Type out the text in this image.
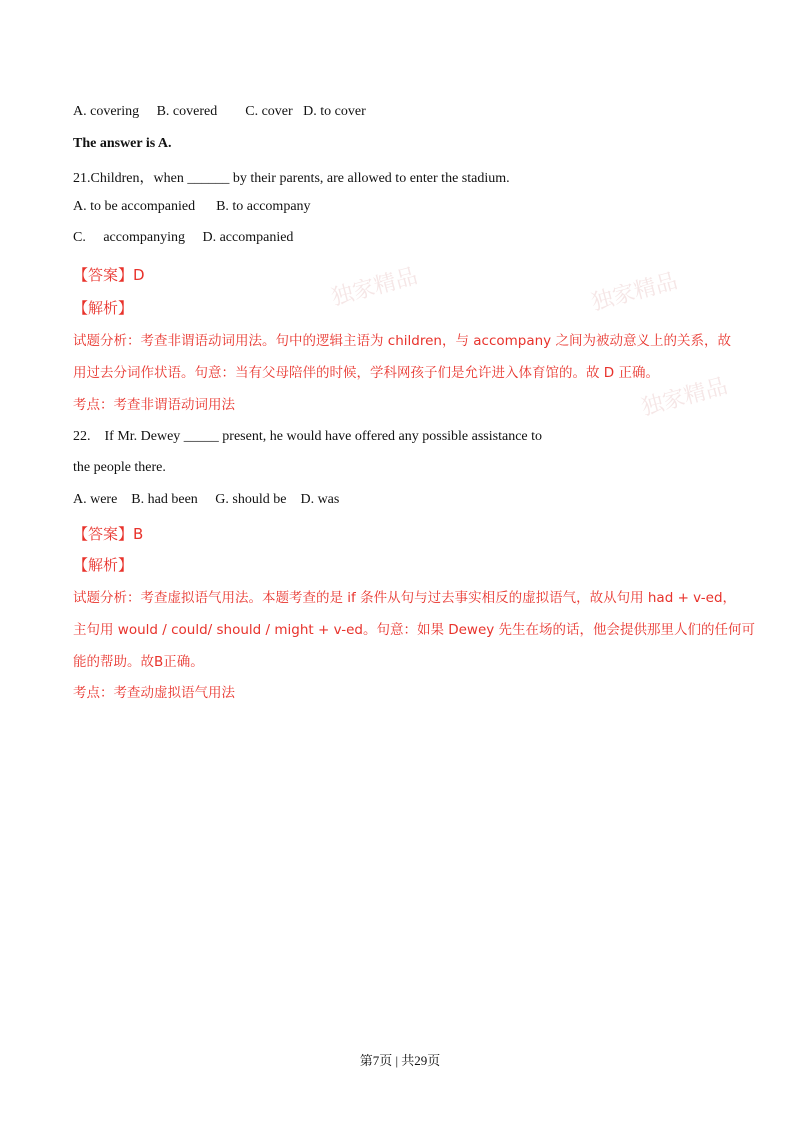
独家精品	独家精品
独家精品
A. covering     B. covered        C. cover   D. to cover
The answer is A.
21.Children，when ______ by their parents, are allowed to enter the stadium.
A. to be accompanied      B. to accompany
C.     accompanying     D. accompanied
【答案】D
【解析】
试题分析：考查非谓语动词用法。句中的逻辑主语为 children，与 accompany 之间为被动意义上的关系，故
用过去分词作状语。句意：当有父母陪伴的时候，学科网孩子们是允许进入体育馆的。故 D 正确。
考点：考查非谓语动词用法
22.    If Mr. Dewey _____ present, he would have offered any possible assistance to
the people there.
A. were    B. had been     G. should be    D. was
【答案】B
【解析】
试题分析：考查虚拟语气用法。本题考查的是 if 条件从句与过去事实相反的虚拟语气，故从句用 had + v-ed，
主句用 would / could/ should / might + v-ed。句意：如果 Dewey 先生在场的话，他会提供那里人们的任何可
能的帮助。故B正确。
考点：考查动虚拟语气用法
第7页 | 共29页
